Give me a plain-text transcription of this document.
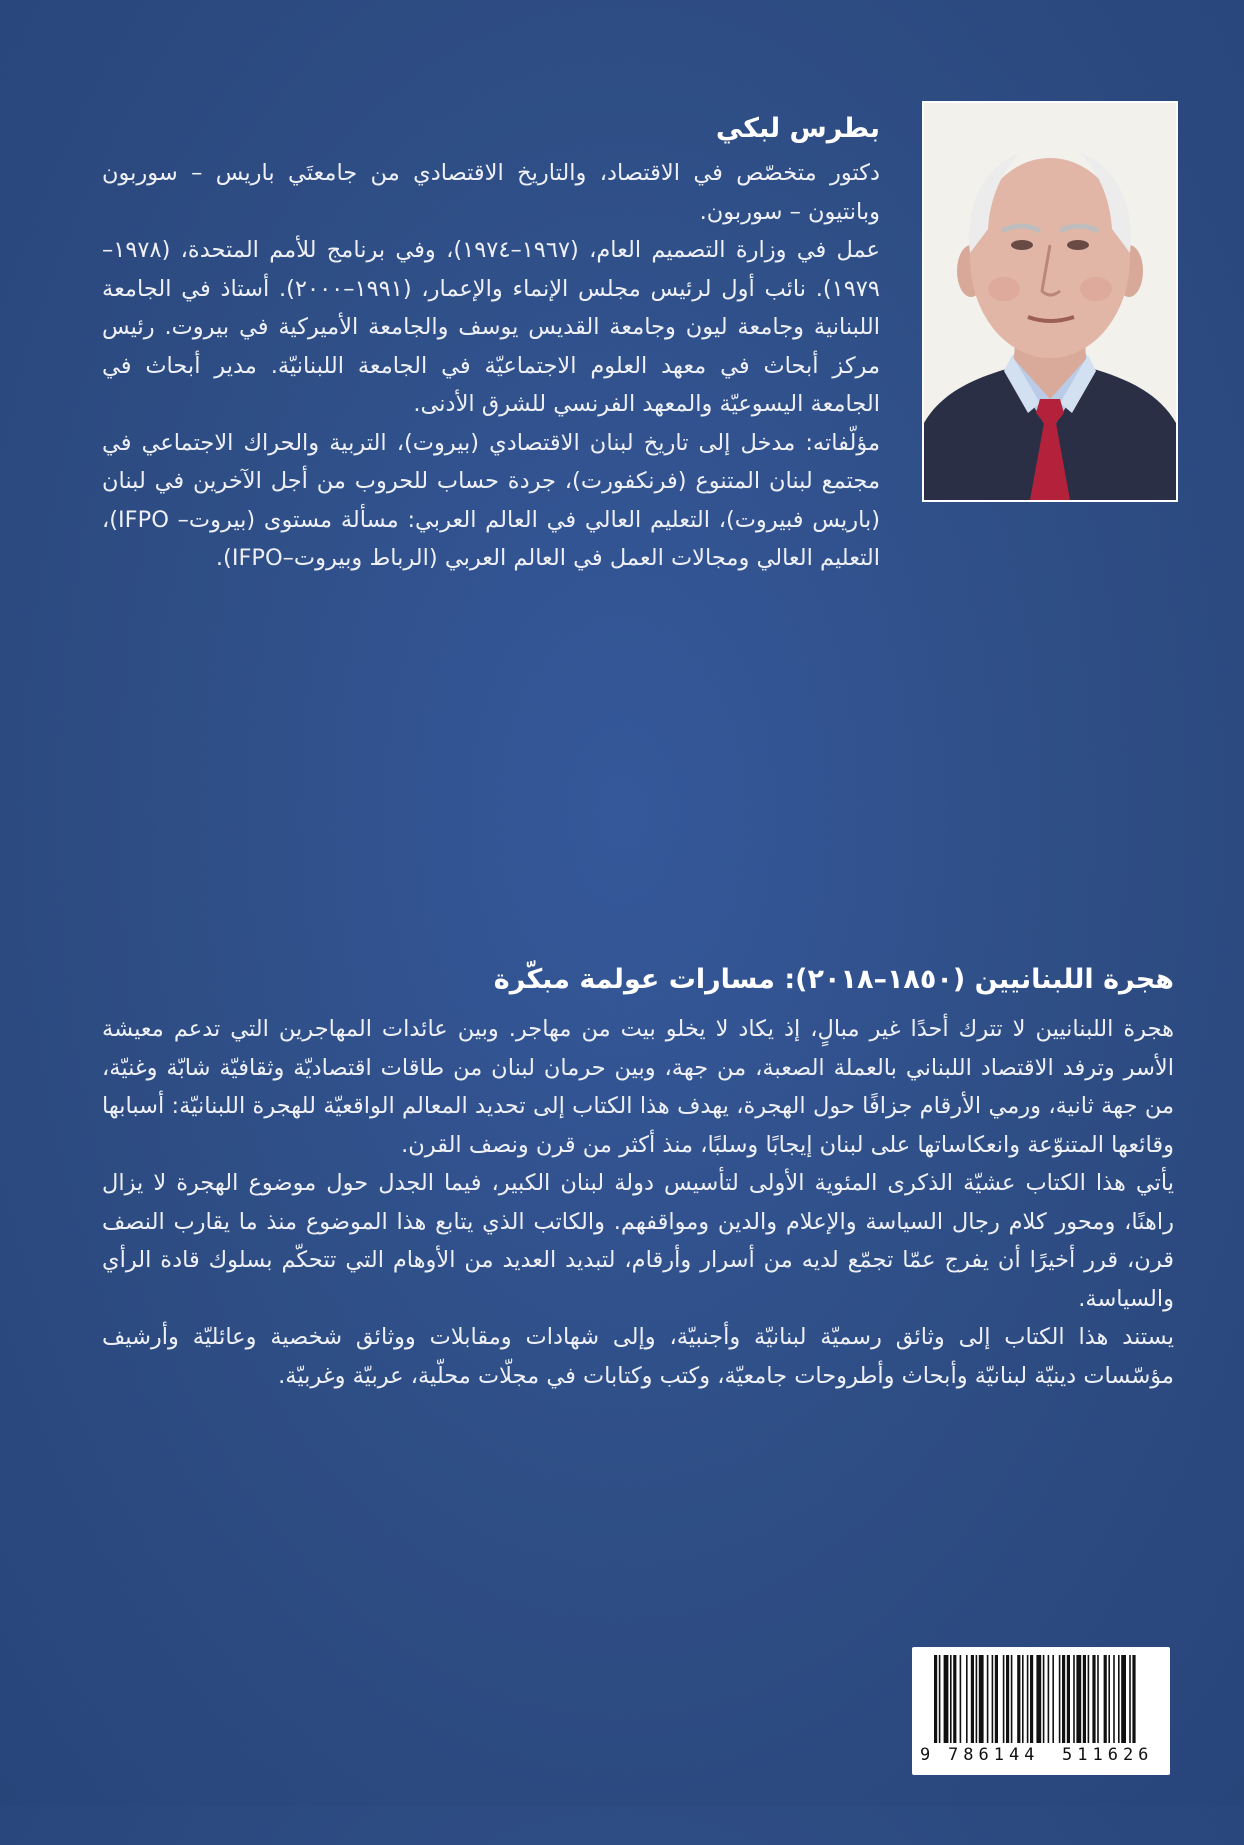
بطرس لبكي

دكتور متخصّص في الاقتصاد، والتاريخ الاقتصادي من جامعتَي باريس – سوربون وبانتيون – سوربون.

عمل في وزارة التصميم العام، (١٩٦٧–١٩٧٤)، وفي برنامج للأمم المتحدة، (١٩٧٨–١٩٧٩). نائب أول لرئيس مجلس الإنماء والإعمار، (١٩٩١–٢٠٠٠). أستاذ في الجامعة اللبنانية وجامعة ليون وجامعة القديس يوسف والجامعة الأميركية في بيروت. رئيس مركز أبحاث في معهد العلوم الاجتماعيّة في الجامعة اللبنانيّة. مدير أبحاث في الجامعة اليسوعيّة والمعهد الفرنسي للشرق الأدنى.

مؤلّفاته: مدخل إلى تاريخ لبنان الاقتصادي (بيروت)، التربية والحراك الاجتماعي في مجتمع لبنان المتنوع (فرنكفورت)، جردة حساب للحروب من أجل الآخرين في لبنان (باريس فبيروت)، التعليم العالي في العالم العربي: مسألة مستوى (بيروت– IFPO)، التعليم العالي ومجالات العمل في العالم العربي (الرباط وبيروت–IFPO).

هجرة اللبنانيين (١٨٥٠–٢٠١٨): مسارات عولمة مبكّرة

هجرة اللبنانيين لا تترك أحدًا غير مبالٍ، إذ يكاد لا يخلو بيت من مهاجر. وبين عائدات المهاجرين التي تدعم معيشة الأسر وترفد الاقتصاد اللبناني بالعملة الصعبة، من جهة، وبين حرمان لبنان من طاقات اقتصاديّة وثقافيّة شابّة وغنيّة، من جهة ثانية، ورمي الأرقام جزافًا حول الهجرة، يهدف هذا الكتاب إلى تحديد المعالم الواقعيّة للهجرة اللبنانيّة: أسبابها وقائعها المتنوّعة وانعكاساتها على لبنان إيجابًا وسلبًا، منذ أكثر من قرن ونصف القرن.

يأتي هذا الكتاب عشيّة الذكرى المئوية الأولى لتأسيس دولة لبنان الكبير، فيما الجدل حول موضوع الهجرة لا يزال راهنًا، ومحور كلام رجال السياسة والإعلام والدين ومواقفهم. والكاتب الذي يتابع هذا الموضوع منذ ما يقارب النصف قرن، قرر أخيرًا أن يفرج عمّا تجمّع لديه من أسرار وأرقام، لتبديد العديد من الأوهام التي تتحكّم بسلوك قادة الرأي والسياسة.

يستند هذا الكتاب إلى وثائق رسميّة لبنانيّة وأجنبيّة، وإلى شهادات ومقابلات ووثائق شخصية وعائليّة وأرشيف مؤسّسات دينيّة لبنانيّة وأبحاث وأطروحات جامعيّة، وكتب وكتابات في مجلّات محلّية، عربيّة وغربيّة.

9

786144

511626
